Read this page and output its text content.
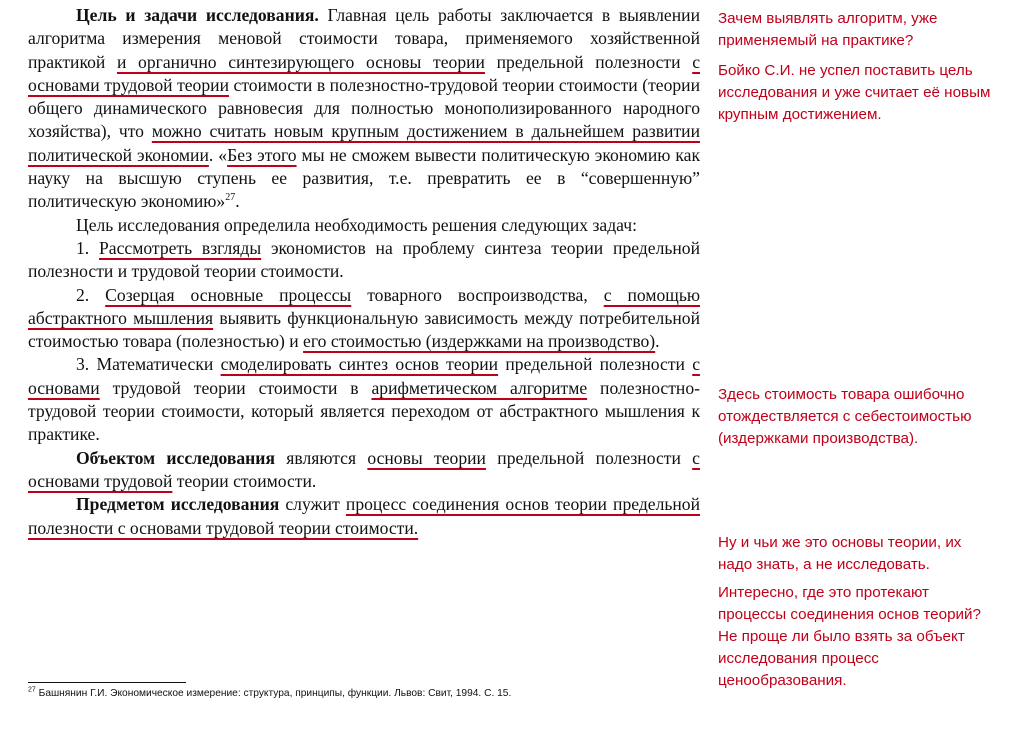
Цель и задачи исследования. Главная цель работы заключается в выявлении алгоритма измерения меновой стоимости товара, применяемого хозяйственной практикой и органично синтезирующего основы теории предельной полезности с основами трудовой теории стоимости в полезностно-трудовой теории стоимости (теории общего динамического равновесия для полностью монополизированного народного хозяйства), что можно считать новым крупным достижением в дальнейшем развитии политической экономии. «Без этого мы не сможем вывести политическую экономию как науку на высшую ступень ее развития, т.е. превратить ее в “совершенную” политическую экономию»$^{27}$.

Цель исследования определила необходимость решения следующих задач:

1. Рассмотреть взгляды экономистов на проблему синтеза теории предельной полезности и трудовой теории стоимости.

2. Созерцая основные процессы товарного воспроизводства, с помощью абстрактного мышления выявить функциональную зависимость между потребительной стоимостью товара (полезностью) и его стоимостью (издержками на производство).

3. Математически смоделировать синтез основ теории предельной полезности с основами трудовой теории стоимости в арифметическом алгоритме полезностно-трудовой теории стоимости, который является переходом от абстрактного мышления к практике.

Объектом исследования являются основы теории предельной полезности с основами трудовой теории стоимости.

Предметом исследования служит процесс соединения основ теории предельной полезности с основами трудовой теории стоимости.

Зачем выявлять алгоритм, уже применяемый на практике?
Бойко С.И. не успел поставить цель исследования и уже считает её новым крупным достижением.
Здесь стоимость товара ошибочно отождествляется с себестоимостью (издержками производства).
Ну и чьи же это основы теории, их надо знать, а не исследовать.
Интересно, где это протекают процессы соединения основ теорий? Не проще ли было взять за объект исследования процесс ценообразования.
$^{27}$ Башнянин Г.И. Экономическое измерение: структура, принципы, функции. Львов: Свит, 1994. С. 15.
